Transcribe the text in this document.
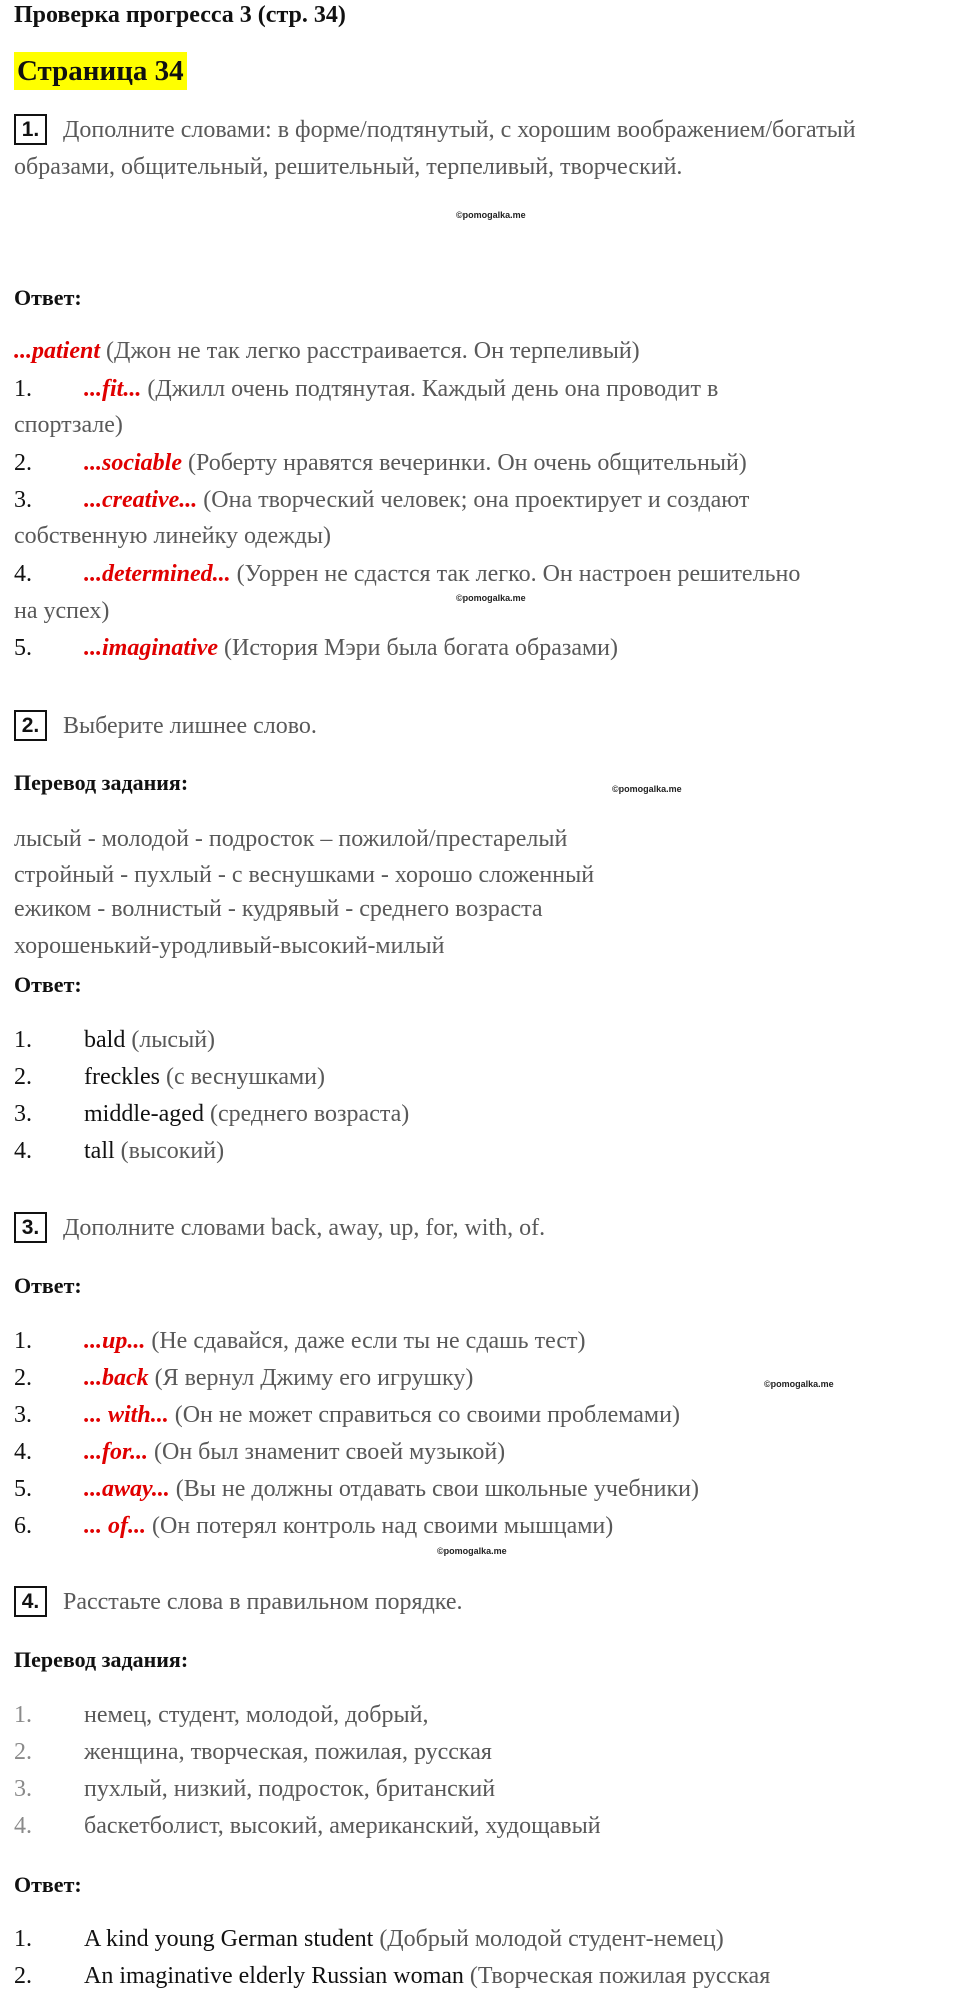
Проверка прогресса 3 (стр. 34)
Страница 34
1. Дополните словами: в форме/подтянутый, с хорошим воображением/богатый образами, общительный, решительный, терпеливый, творческий.
©pomogalka.me
Ответ:
...patient (Джон не так легко расстраивается. Он терпеливый)
1. ...fit... (Джилл очень подтянутая. Каждый день она проводит в
спортзале)
2. ...sociable (Роберту нравятся вечеринки. Он очень общительный)
3. ...creative... (Она творческий человек; она проектирует и создают
собственную линейку одежды)
4. ...determined... (Уоррен не сдастся так легко. Он настроен решительно
©pomogalka.me
на успех)
5. ...imaginative (История Мэри была богата образами)
2. Выберите лишнее слово.
Перевод задания:	©pomogalka.me
лысый - молодой - подросток – пожилой/престарелый
стройный - пухлый - с веснушками - хорошо сложенный
ежиком - волнистый - кудрявый - среднего возраста
хорошенький-уродливый-высокий-милый
Ответ:
1. bald (лысый)
2. freckles (с веснушками)
3. middle-aged (среднего возраста)
4. tall (высокий)
3. Дополните словами back, away, up, for, with, of.
Ответ:
1. ...up... (Не сдавайся, даже если ты не сдашь тест)
2. ...back (Я вернул Джиму его игрушку)	©pomogalka.me
3. ... with... (Он не может справиться со своими проблемами)
4. ...for... (Он был знаменит своей музыкой)
5. ...away... (Вы не должны отдавать свои школьные учебники)
6. ... of... (Он потерял контроль над своими мышцами)
©pomogalka.me
4. Расстаьте слова в правильном порядке.
Перевод задания:
1. немец, студент, молодой, добрый,
2. женщина, творческая, пожилая, русская
3. пухлый, низкий, подросток, британский
4. баскетболист, высокий, американский, худощавый
Ответ:
1. A kind young German student (Добрый молодой студент-немец)
2. An imaginative elderly Russian woman (Творческая пожилая русская
